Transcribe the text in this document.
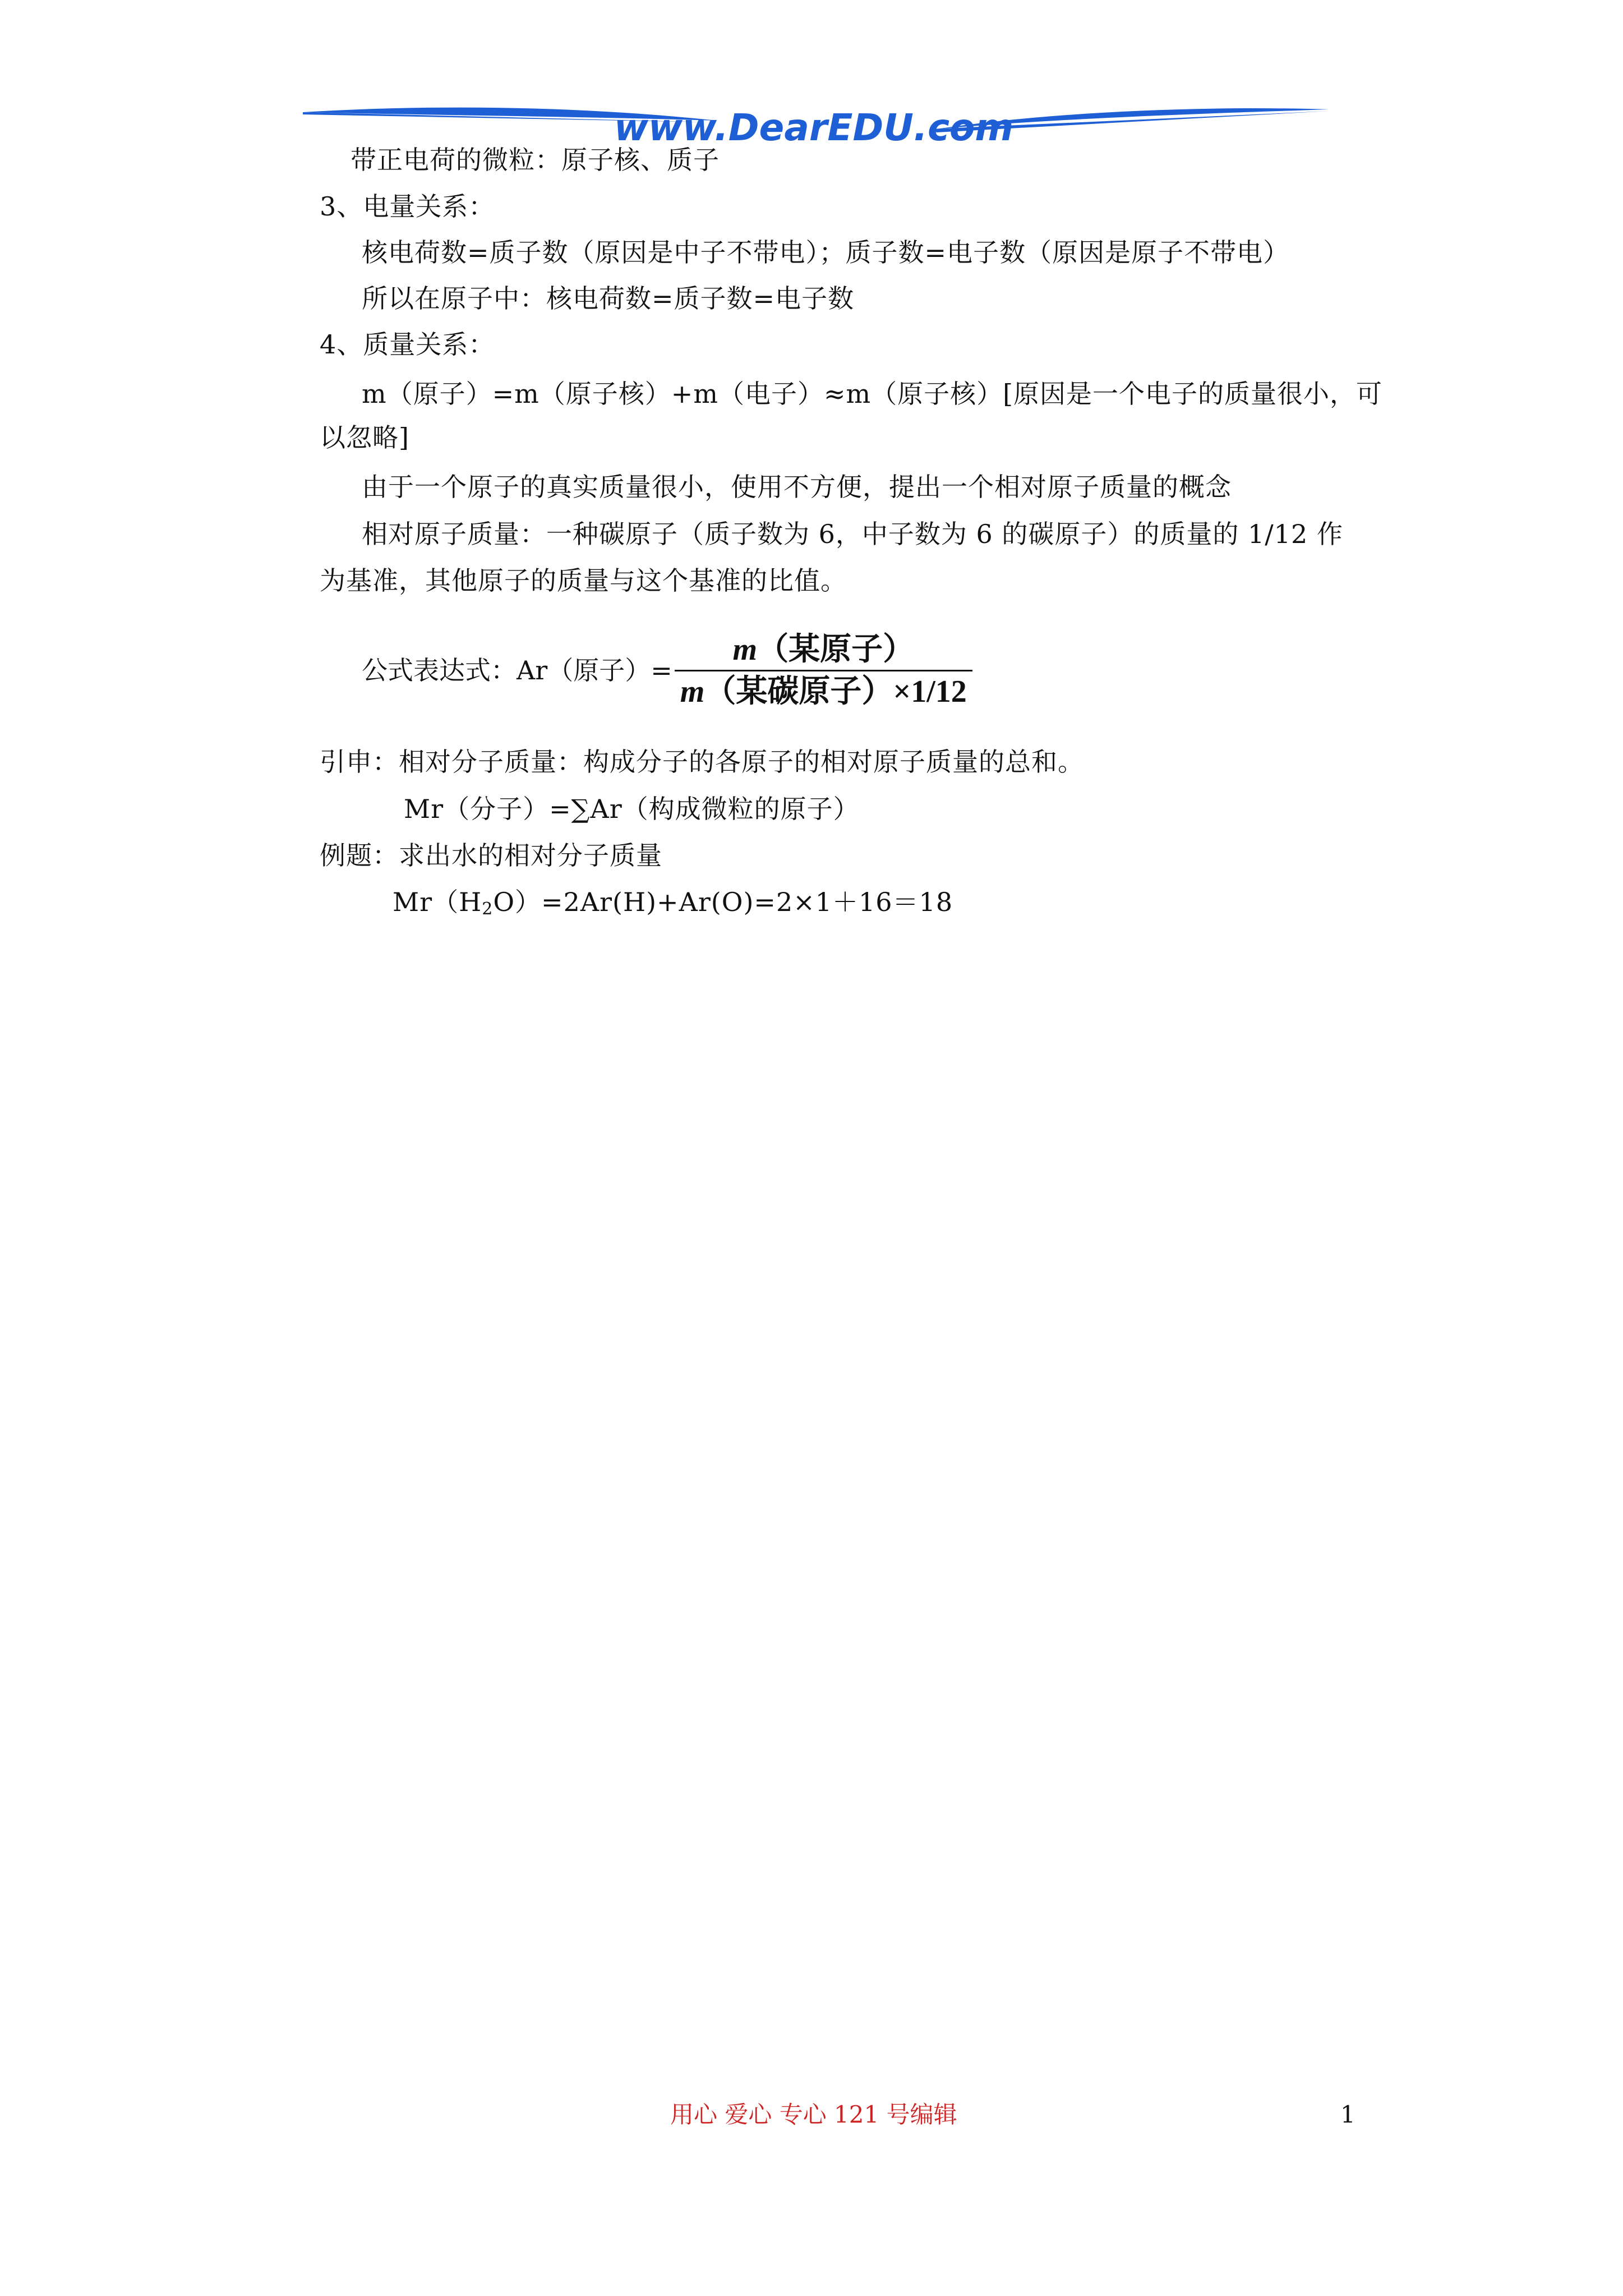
www.DearEDU.com
带正电荷的微粒：原子核、质子
3、电量关系：
核电荷数=质子数（原因是中子不带电）；质子数=电子数（原因是原子不带电）
所以在原子中：核电荷数=质子数=电子数
4、质量关系：
m（原子）=m（原子核）+m（电子）≈m（原子核）[原因是一个电子的质量很小，可
以忽略]
由于一个原子的真实质量很小，使用不方便，提出一个相对原子质量的概念
相对原子质量：一种碳原子（质子数为 6，中子数为 6 的碳原子）的质量的 1/12 作
为基准，其他原子的质量与这个基准的比值。
公式表达式：Ar（原子）= $\frac{\text{m（某原子）}}{\text{m（某碳原子）×1/12}}$
引申：相对分子质量：构成分子的各原子的相对原子质量的总和。
Mr（分子）=∑Ar（构成微粒的原子）
例题：求出水的相对分子质量
$Mr(H_2O)=2Ar(H)+Ar(O)=2\times 1+16=18$
用心 爱心 专心 121 号编辑	1
